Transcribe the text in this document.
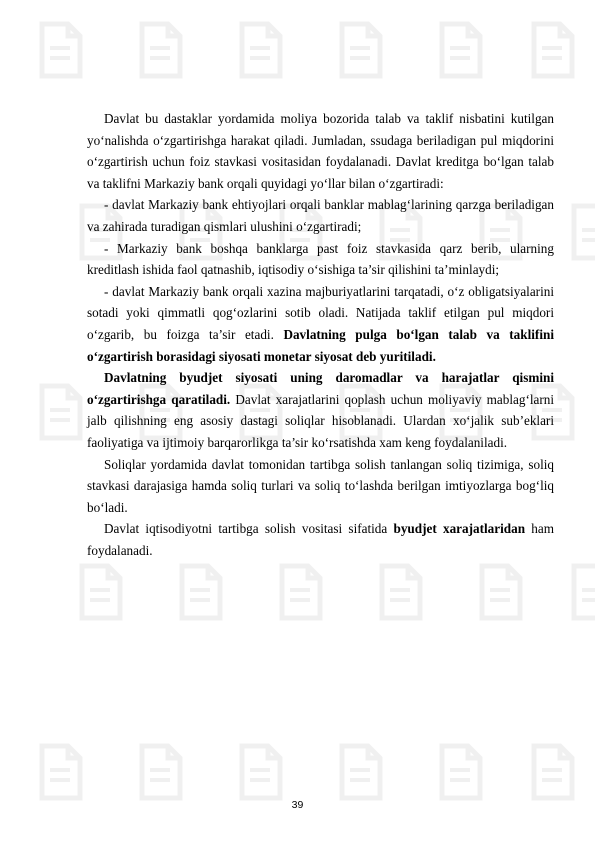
Davlat bu dastaklar yordamida moliya bozorida talab va taklif nisbatini kutilgan yo‘nalishda o‘zgartirishga harakat qiladi. Jumladan, ssudaga beriladigan pul miqdorini o‘zgartirish uchun foiz stavkasi vositasidan foydalanadi. Davlat kreditga bo‘lgan talab va taklifni Markaziy bank orqali quyidagi yo‘llar bilan o‘zgartiradi:

- davlat Markaziy bank ehtiyojlari orqali banklar mablag‘larining qarzga beriladigan va zahirada turadigan qismlari ulushini o‘zgartiradi;

- Markaziy bank boshqa banklarga past foiz stavkasida qarz berib, ularning kreditlash ishida faol qatnashib, iqtisodiy o‘sishiga ta’sir qilishini ta’minlaydi;

- davlat Markaziy bank orqali xazina majburiyatlarini tarqatadi, o‘z obligatsiyalarini sotadi yoki qimmatli qog‘ozlarini sotib oladi. Natijada taklif etilgan pul miqdori o‘zgarib, bu foizga ta’sir etadi. Davlatning pulga bo‘lgan talab va taklifini o‘zgartirish borasidagi siyosati monetar siyosat deb yuritiladi.

Davlatning byudjet siyosati uning daromadlar va harajatlar qismini o‘zgartirishga qaratiladi. Davlat xarajatlarini qoplash uchun moliyaviy mablag‘larni jalb qilishning eng asosiy dastagi soliqlar hisoblanadi. Ulardan xo‘jalik sub’eklari faoliyatiga va ijtimoiy barqarorlikga ta’sir ko‘rsatishda xam keng foydalaniladi.

Soliqlar yordamida davlat tomonidan tartibga solish tanlangan soliq tizimiga, soliq stavkasi darajasiga hamda soliq turlari va soliq to‘lashda berilgan imtiyozlarga bog‘liq bo‘ladi.

Davlat iqtisodiyotni tartibga solish vositasi sifatida byudjet xarajatlaridan ham foydalanadi.

39
